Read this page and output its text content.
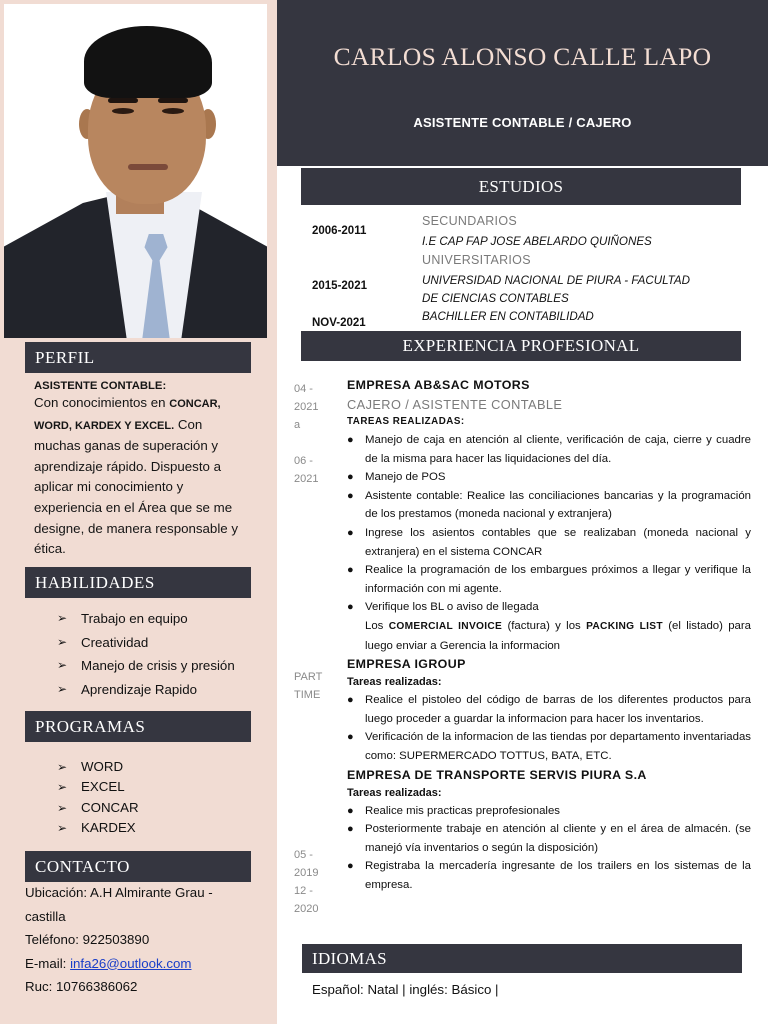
PERFIL
ASISTENTE CONTABLE:
Con conocimientos en CONCAR, WORD, KARDEX Y EXCEL. Con muchas ganas de superación y aprendizaje rápido. Dispuesto a aplicar mi conocimiento y experiencia en el Área que se me designe, de manera responsable y ética.
HABILIDADES
➢ Trabajo en equipo
➢ Creatividad
➢ Manejo de crisis y presión
➢ Aprendizaje Rapido
PROGRAMAS
➢ WORD
➢ EXCEL
➢ CONCAR
➢ KARDEX
CONTACTO
Ubicación: A.H Almirante Grau -
castilla
Teléfono: 922503890
E-mail: infa26@outlook.com
Ruc: 10766386062
CARLOS ALONSO CALLE LAPO
ASISTENTE CONTABLE / CAJERO
ESTUDIOS
2006-2011
SECUNDARIOS
I.E CAP FAP JOSE ABELARDO QUIÑONES
UNIVERSITARIOS
2015-2021	UNIVERSIDAD NACIONAL DE PIURA - FACULTAD
DE CIENCIAS CONTABLES
NOV-2021	BACHILLER EN CONTABILIDAD
EXPERIENCIA PROFESIONAL
04 -
2021
a
06 -
2021
PART
TIME
05 -
2019
12 -
2020
EMPRESA AB&SAC MOTORS
CAJERO / ASISTENTE CONTABLE
TAREAS REALIZADAS:
● Manejo de caja en atención al cliente, verificación de caja, cierre y cuadre de la misma para hacer las liquidaciones del día.
● Manejo de POS
● Asistente contable: Realice las conciliaciones bancarias y la programación de los prestamos (moneda nacional y extranjera)
● Ingrese los asientos contables que se realizaban (moneda nacional y extranjera) en el sistema CONCAR
● Realice la programación de los embargues próximos a llegar y verifique la información con mi agente.
● Verifique los BL o aviso de llegada
Los COMERCIAL INVOICE (factura) y los PACKING LIST (el listado) para luego enviar a Gerencia la informacion
EMPRESA IGROUP
Tareas realizadas:
● Realice el pistoleo del código de barras de los diferentes productos para luego proceder a guardar la informacion para hacer los inventarios.
● Verificación de la informacion de las tiendas por departamento inventariadas como: SUPERMERCADO TOTTUS, BATA, ETC.
EMPRESA DE TRANSPORTE SERVIS PIURA S.A
Tareas realizadas:
● Realice mis practicas preprofesionales
● Posteriormente trabaje en atención al cliente y en el área de almacén. (se manejó vía inventarios o según la disposición)
● Registraba la mercadería ingresante de los trailers en los sistemas de la empresa.
IDIOMAS
Español: Natal | inglés: Básico |
